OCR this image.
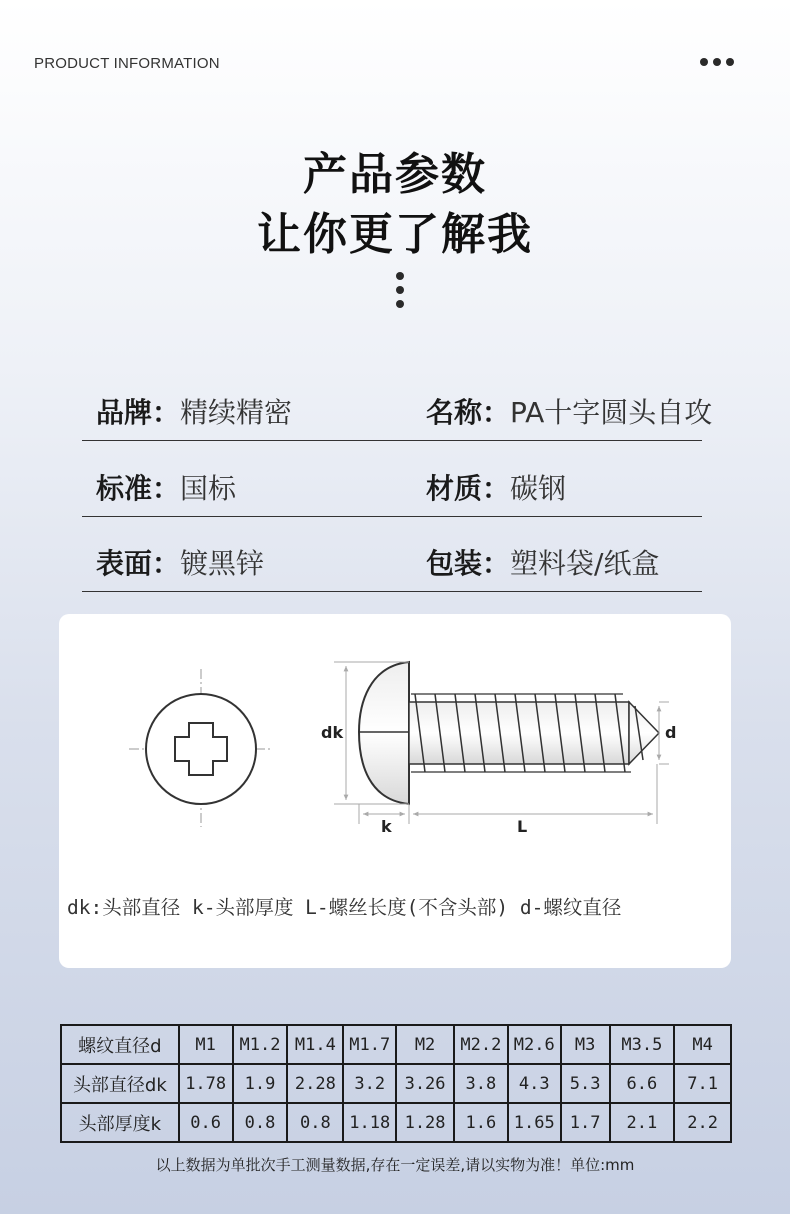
PRODUCT INFORMATION
产品参数
让你更了解我
品牌：精续精密	名称：PA十字圆头自攻
标准：国标	材质：碳钢
表面：镀黑锌	包装：塑料袋/纸盒
dk	d
k	L
dk:头部直径 k-头部厚度 L-螺丝长度(不含头部) d-螺纹直径
螺纹直径d	M1	M1.2	M1.4	M1.7	M2	M2.2	M2.6	M3	M3.5	M4
头部直径dk	1.78	1.9	2.28	3.2	3.26	3.8	4.3	5.3	6.6	7.1
头部厚度k	0.6	0.8	0.8	1.18	1.28	1.6	1.65	1.7	2.1	2.2
以上数据为单批次手工测量数据,存在一定误差,请以实物为准！单位:mm
